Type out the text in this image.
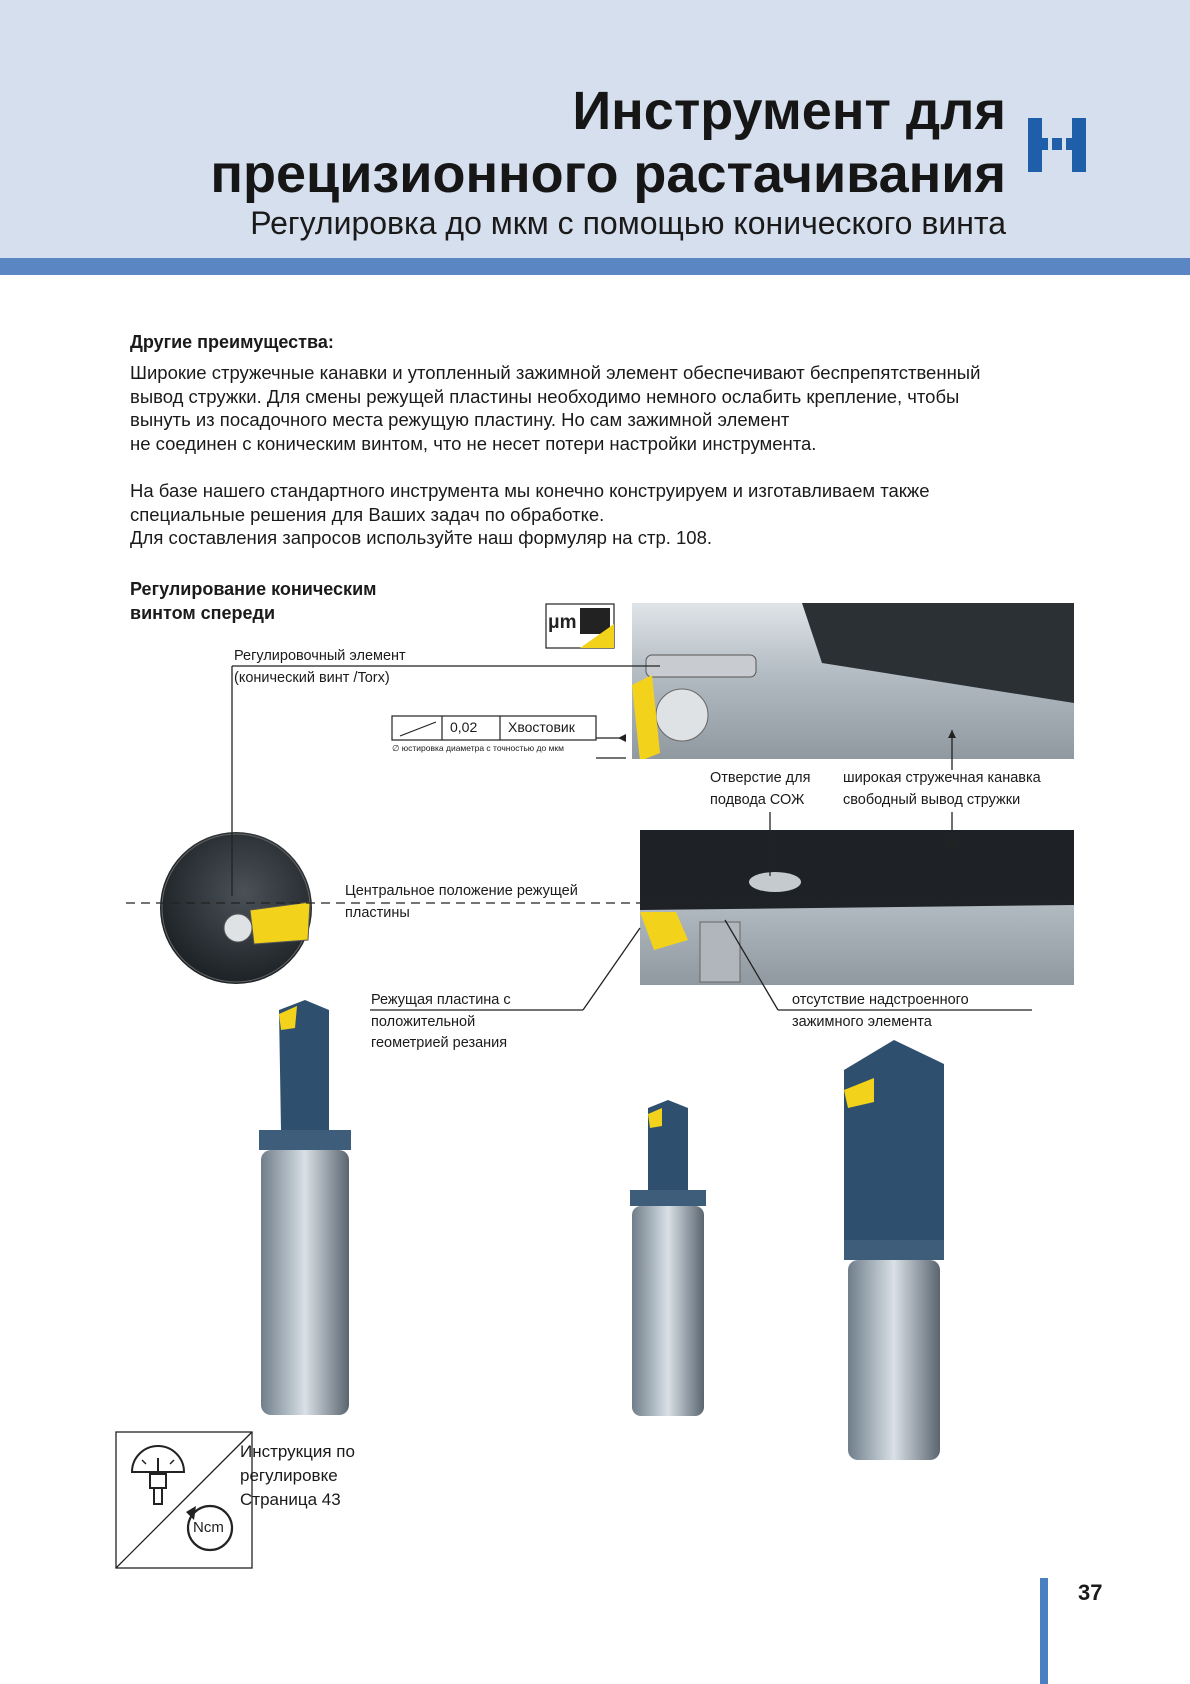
Инструмент для
прецизионного растачивания
Регулировка до мкм с помощью конического винта
Другие преимущества:

Широкие стружечные канавки и утопленный зажимной элемент обеспечивают беспрепятственный
вывод стружки. Для смены режущей пластины необходимо немного ослабить крепление, чтобы
вынуть из посадочного места режущую пластину. Но сам зажимной элемент
не соединен с коническим винтом, что не несет потери настройки инструмента.

На базе нашего стандартного инструмента мы конечно конструируем и изготавливаем также
специальные решения для Ваших задач по обработке.
Для составления запросов используйте наш формуляр на стр. 108.

Регулирование коническим
винтом спереди	μm
Ncm
Регулировочный элемент
(конический винт /Torx)
0,02 Хвостовик
∅ юстировка диаметра с точностью до мкм
Отверстие для
подвода СОЖ
широкая стружечная канавка
свободный вывод стружки
Центральное положение режущей
пластины
Режущая пластина с
положительной
геометрией резания
отсутствие надстроенного
зажимного элемента
Инструкция по
регулировке
Страница 43
37
